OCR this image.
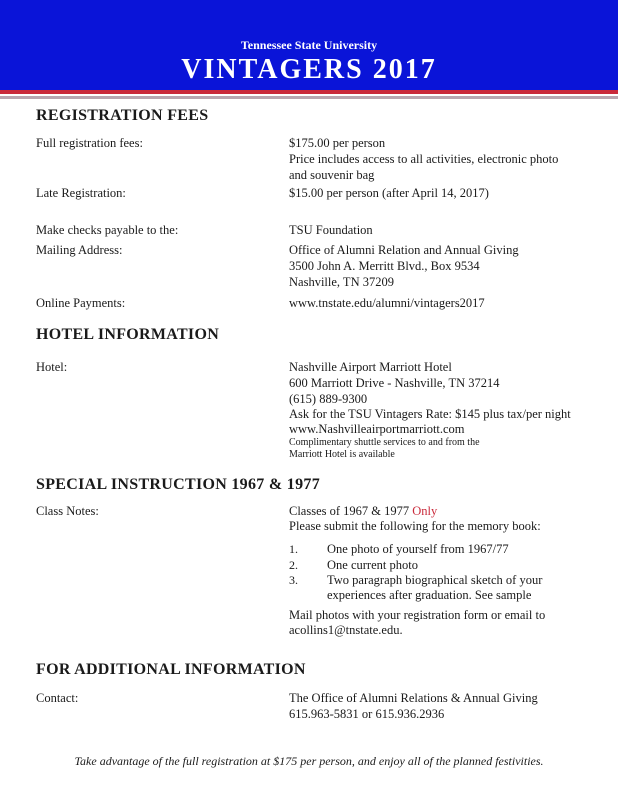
Tennessee State University
VINTAGERS 2017
REGISTRATION FEES
Full registration fees:	$175.00 per person
Price includes access to all activities, electronic photo
and souvenir bag
Late Registration:	$15.00 per person (after April 14, 2017)
Make checks payable to the:	TSU Foundation
Mailing Address:	Office of Alumni Relation and Annual Giving
3500 John A. Merritt Blvd., Box 9534
Nashville, TN 37209
Online Payments:	www.tnstate.edu/alumni/vintagers2017
HOTEL INFORMATION
Hotel:	Nashville Airport Marriott Hotel
600 Marriott Drive - Nashville, TN 37214
(615) 889-9300
Ask for the TSU Vintagers Rate: $145 plus tax/per night
www.Nashvilleairportmarriott.com
Complimentary shuttle services to and from the
Marriott Hotel is available
SPECIAL INSTRUCTION 1967 & 1977
Class Notes:	Classes of 1967 & 1977 Only
Please submit the following for the memory book:
1. One photo of yourself from 1967/77
2. One current photo
3. Two paragraph biographical sketch of your
experiences after graduation. See sample
Mail photos with your registration form or email to
acollins1@tnstate.edu.
FOR ADDITIONAL INFORMATION
Contact:	The Office of Alumni Relations & Annual Giving
615.963-5831 or 615.936.2936
Take advantage of the full registration at $175 per person, and enjoy all of the planned festivities.
